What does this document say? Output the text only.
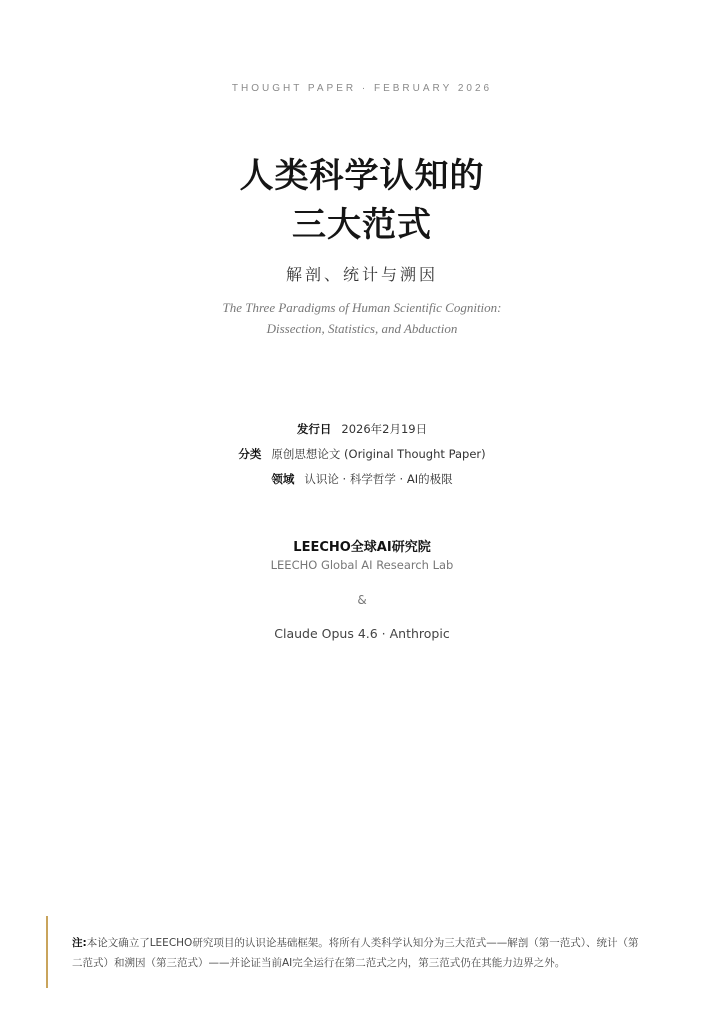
THOUGHT PAPER · FEBRUARY 2026
人类科学认知的
三大范式
解剖、统计与溯因
The Three Paradigms of Human Scientific Cognition:
Dissection, Statistics, and Abduction
发行日 2026年2月19日
分类 原创思想论文 (Original Thought Paper)
领域 认识论 · 科学哲学 · AI的极限
LEECHO全球AI研究院
LEECHO Global AI Research Lab
&
Claude Opus 4.6 · Anthropic
注:本论文确立了LEECHO研究项目的认识论基础框架。将所有人类科学认知分为三大范式——解剖（第一范式）、统计（第二范式）和溯因（第三范式）——并论证当前AI完全运行在第二范式之内，第三范式仍在其能力边界之外。
